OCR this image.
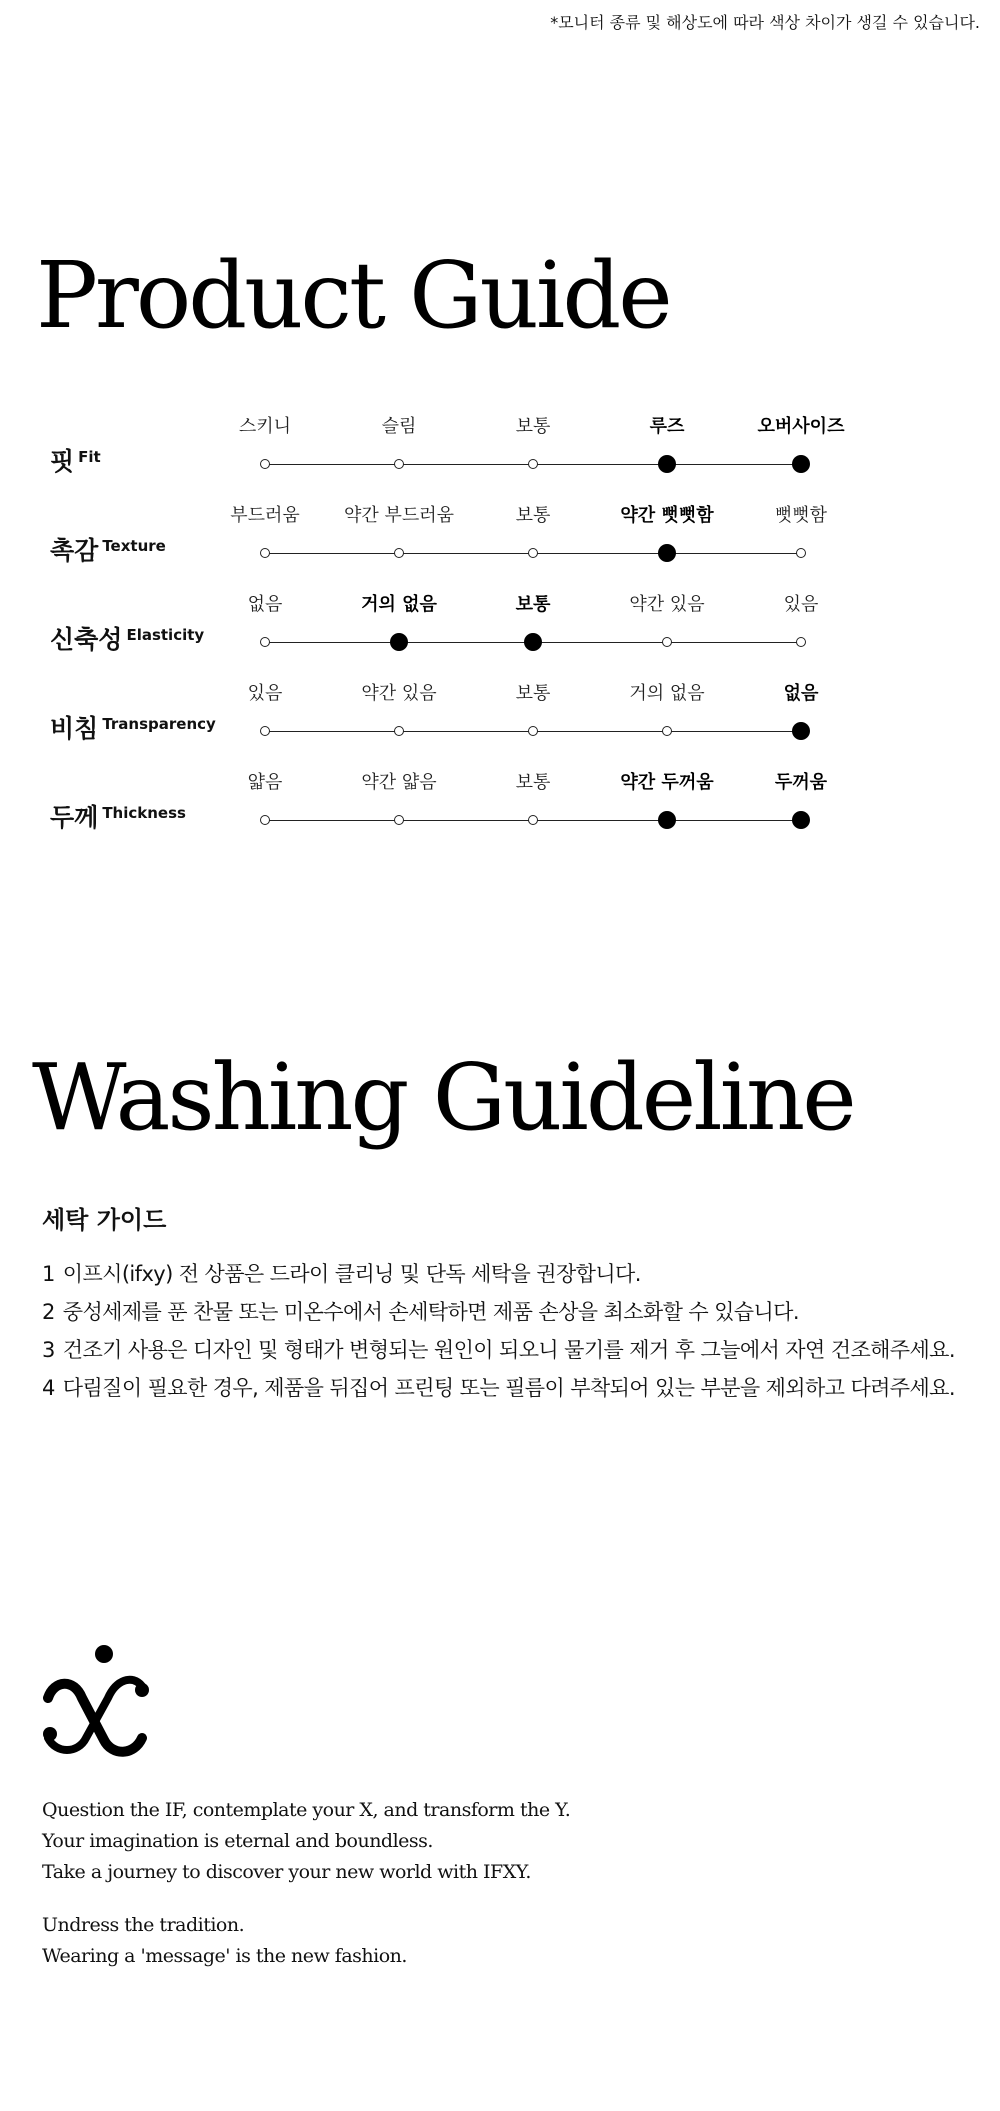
*모니터 종류 및 해상도에 따라 색상 차이가 생길 수 있습니다.
Product Guide
핏 Fit
스키니	슬림	보통	루즈	오버사이즈
촉감 Texture
부드러움	약간 부드러움	보통	약간 뻣뻣함	뻣뻣함
신축성 Elasticity
없음	거의 없음	보통	약간 있음	있음
비침 Transparency
있음	약간 있음	보통	거의 없음	없음
두께 Thickness
얇음	약간 얇음	보통	약간 두꺼움	두꺼움
Washing Guideline
세탁 가이드
1 이프시(ifxy) 전 상품은 드라이 클리닝 및 단독 세탁을 권장합니다.
2 중성세제를 푼 찬물 또는 미온수에서 손세탁하면 제품 손상을 최소화할 수 있습니다.
3 건조기 사용은 디자인 및 형태가 변형되는 원인이 되오니 물기를 제거 후 그늘에서 자연 건조해주세요.
4 다림질이 필요한 경우, 제품을 뒤집어 프린팅 또는 필름이 부착되어 있는 부분을 제외하고 다려주세요.

Question the IF, contemplate your X, and transform the Y.

Your imagination is eternal and boundless.

Take a journey to discover your new world with IFXY.

Undress the tradition.

Wearing a 'message' is the new fashion.
